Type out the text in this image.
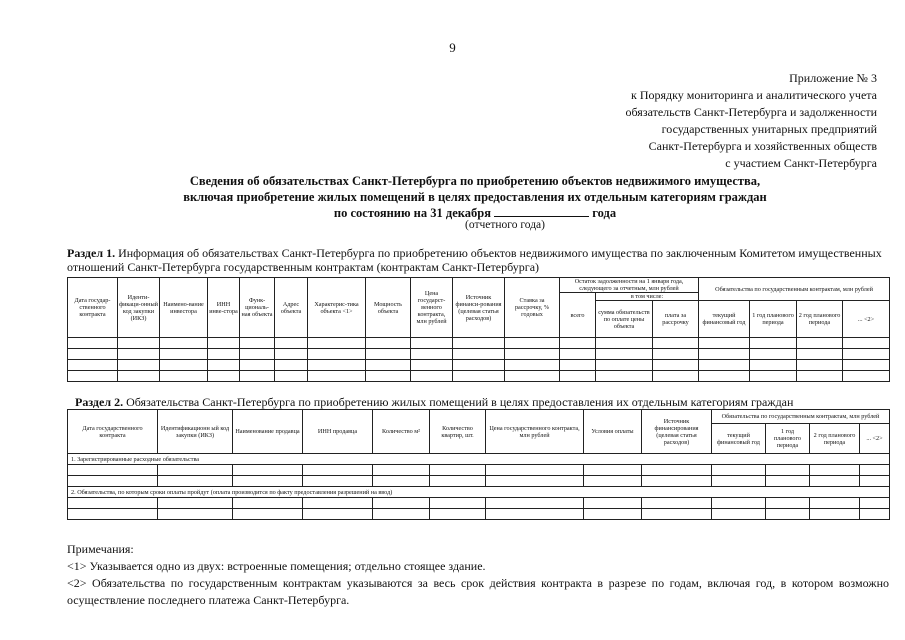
9
Приложение № 3
к Порядку мониторинга и аналитического учета
обязательств Санкт-Петербурга и задолженности
государственных унитарных предприятий
Санкт-Петербурга и хозяйственных обществ
с участием Санкт-Петербурга
Сведения об обязательствах Санкт-Петербурга по приобретению объектов недвижимого имущества,
включая приобретение жилых помещений в целях предоставления их отдельным категориям граждан
по состоянию на 31 декабря	года
(отчетного года)
Раздел 1. Информация об обязательствах Санкт-Петербурга по приобретению объектов недвижимого имущества по заключенным Комитетом имущественных отношений Санкт-Петербурга государственным контрактам (контрактам Санкт-Петербурга)
Дата государ-ственного контракта	Иденти-фикаци-онный код закупки (ИКЗ)	Наимено-вание инвестора	ИНН инве-стора	Функ-циональ-ная объекта	Адрес объекта	Характерис-тика объекта <1>	Мощность объекта	Цена государст-венного контракта, млн рублей	Источник финанси-рования (целевая статья расходов)	Ставка за рассрочку, % годовых	Остаток задолженности на 1 января года, следующего за отчетным, млн рублей			Обязательства по государственным контрактам, млн рублей			
											всего	в том числе:					
												сумма обязательств по оплате цены объекта	плата за рассрочку	текущий финансовый год	1 год планового периода	2 год планового периода	... <2>

Раздел 2. Обязательства Санкт-Петербурга по приобретению жилых помещений в целях предоставления их отдельным категориям граждан
Дата государственного контракта	Идентификационн ый код закупки (ИКЗ)	Наименование продавца	ИНН продавца	Количество м²	Количество квартир, шт.	Цена государственного контракта, млн рублей	Условия оплаты	Источник финансирования (целевая статья расходов)	Обязательства по государственным контрактам, млн рублей			
									текущий финансовый год	1 год планового периода	2 год планового периода	... <2>
1. Зарегистрированные расходные обязательства												

2. Обязательства, по которым сроки оплаты пройдут (оплата производится по факту предоставления разрешений на ввод)												

Примечания:

<1> Указывается одно из двух: встроенные помещения; отдельно стоящее здание.

<2> Обязательства по государственным контрактам указываются за весь срок действия контракта в разрезе по годам, включая год, в котором возможно осуществление последнего платежа Санкт-Петербурга.
